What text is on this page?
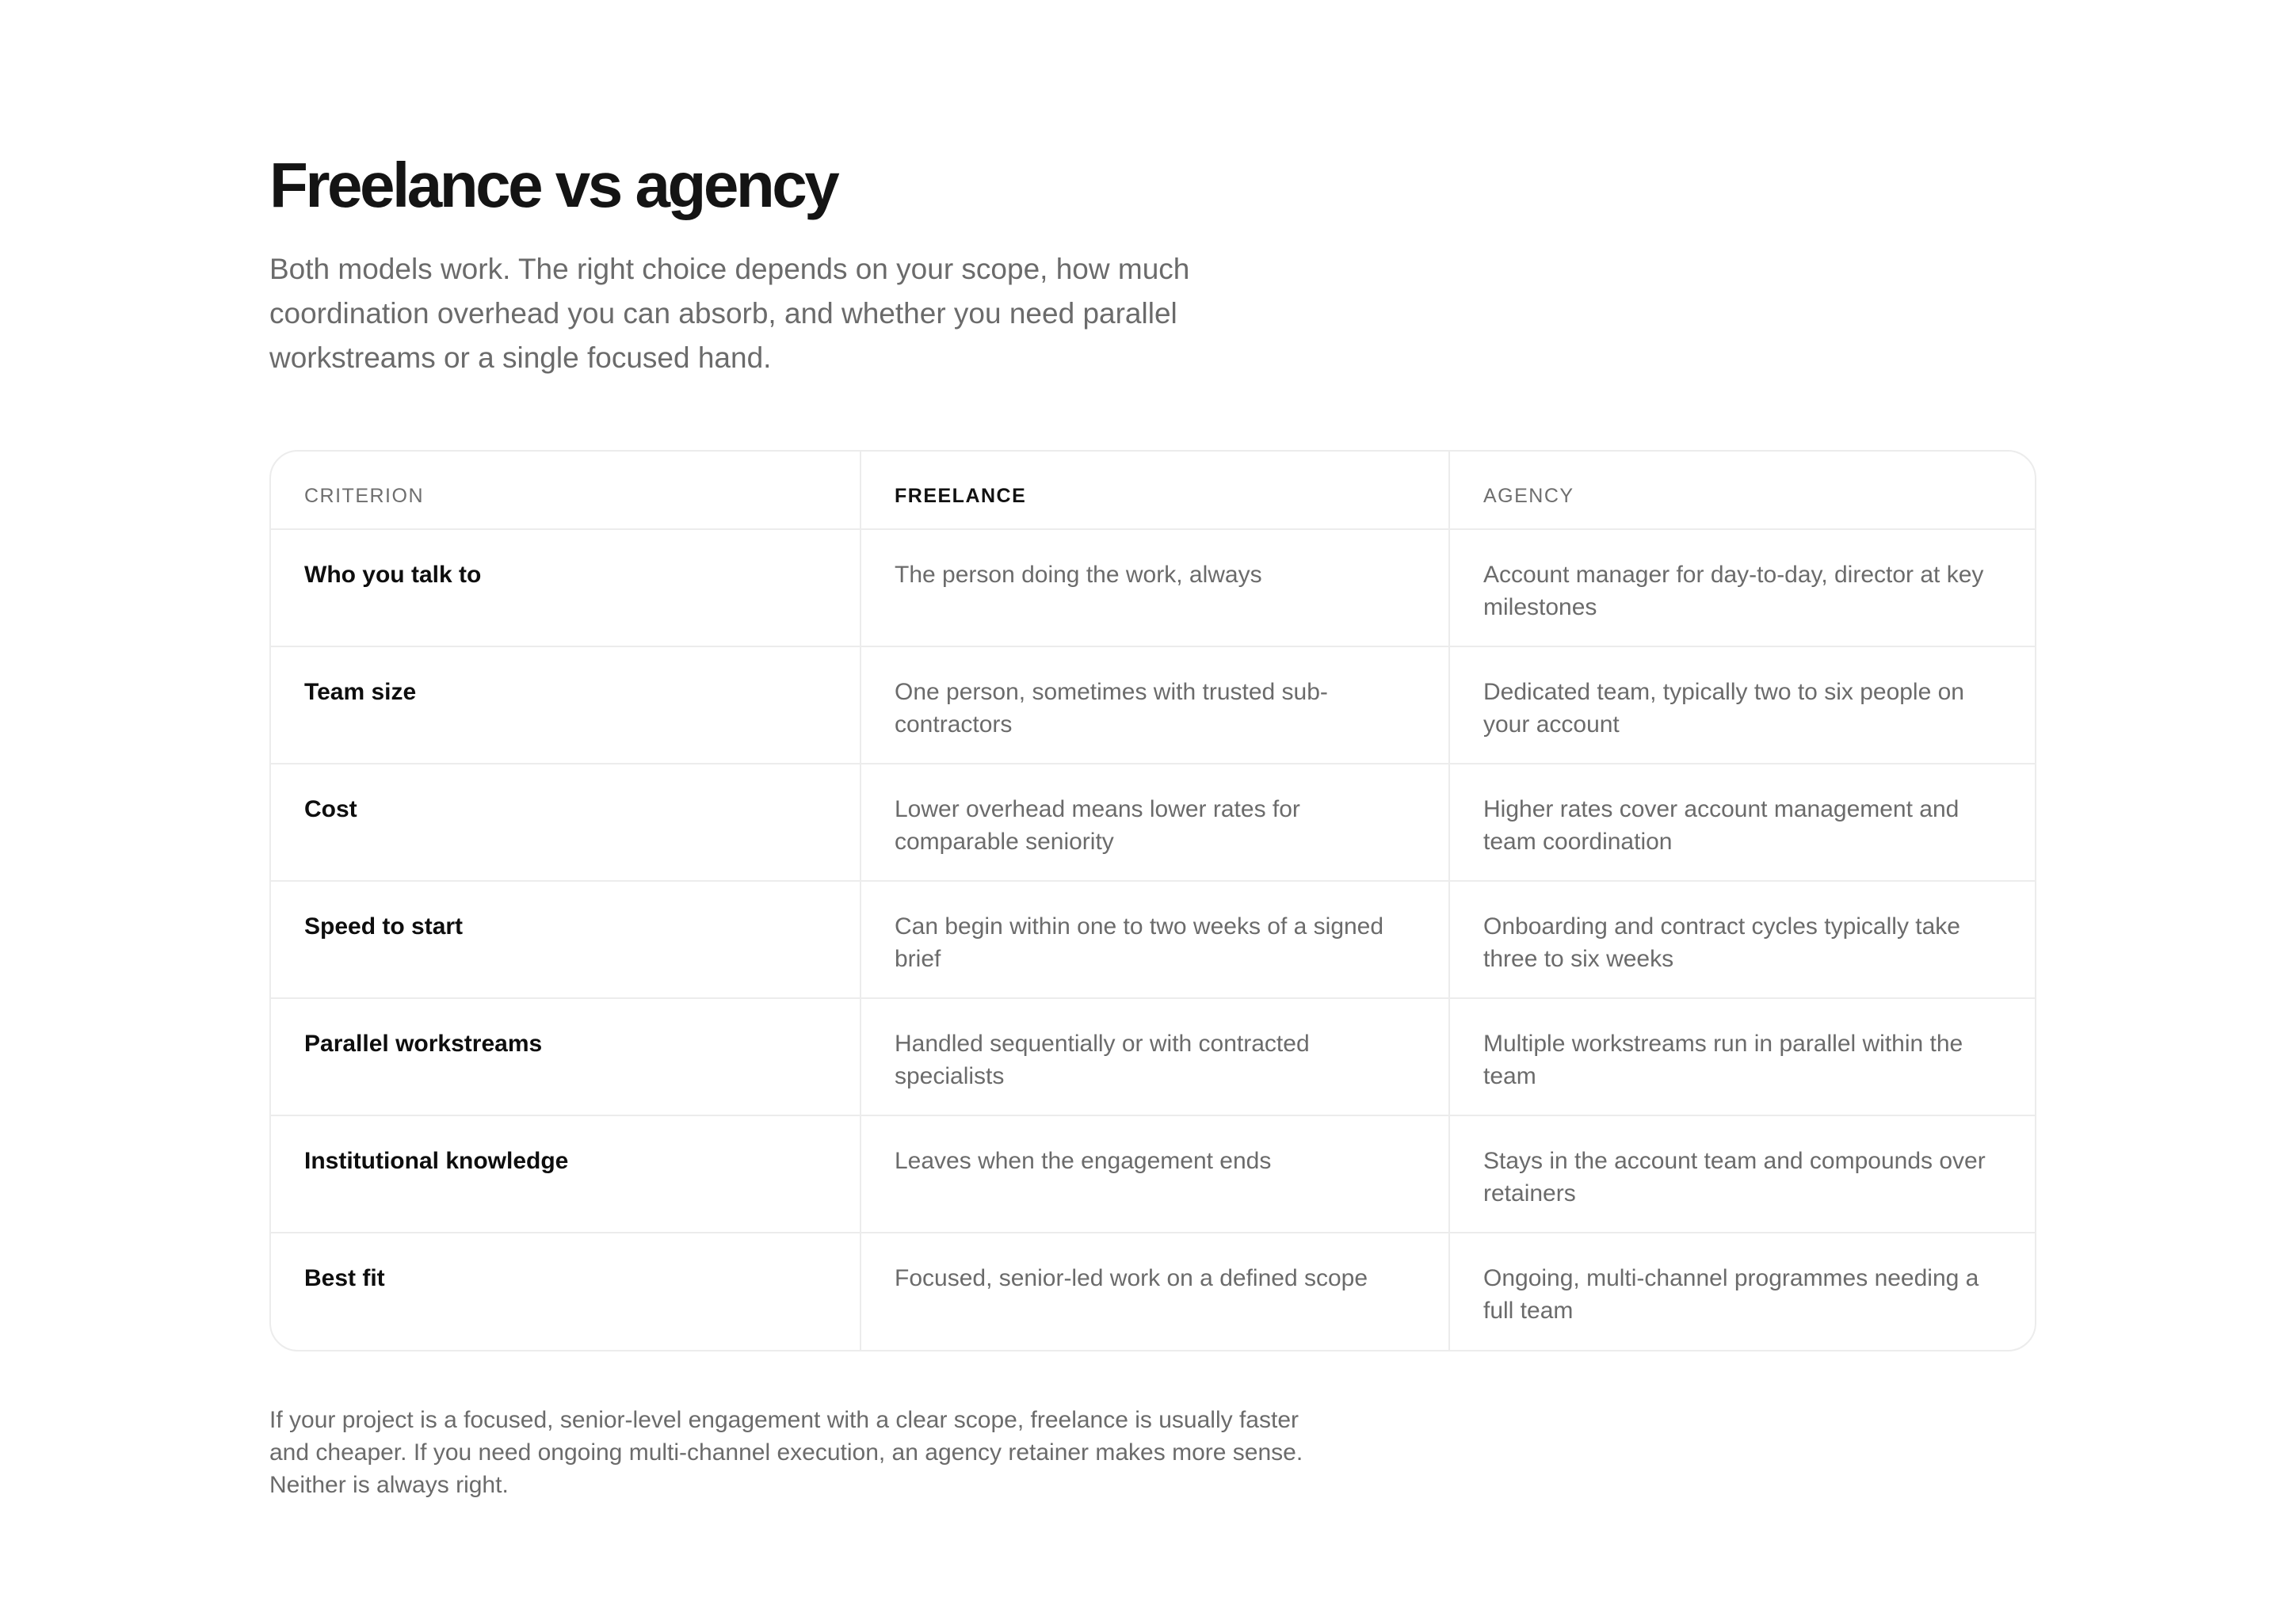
Freelance vs agency

Both models work. The right choice depends on your scope, how much coordination overhead you can absorb, and whether you need parallel workstreams or a single focused hand.

CRITERION	FREELANCE	AGENCY
Who you talk to	The person doing the work, always	Account manager for day-to-day, director at key milestones

Team size	One person, sometimes with trusted sub-contractors	Dedicated team, typically two to six people on your account

Cost	Lower overhead means lower rates for comparable seniority	Higher rates cover account management and team coordination

Speed to start	Can begin within one to two weeks of a signed brief	Onboarding and contract cycles typically take three to six weeks

Parallel workstreams	Handled sequentially or with contracted specialists	Multiple workstreams run in parallel within the team

Institutional knowledge	Leaves when the engagement ends	Stays in the account team and compounds over retainers

Best fit	Focused, senior-led work on a defined scope	Ongoing, multi-channel programmes needing a full team

If your project is a focused, senior-level engagement with a clear scope, freelance is usually faster and cheaper. If you need ongoing multi-channel execution, an agency retainer makes more sense. Neither is always right.
